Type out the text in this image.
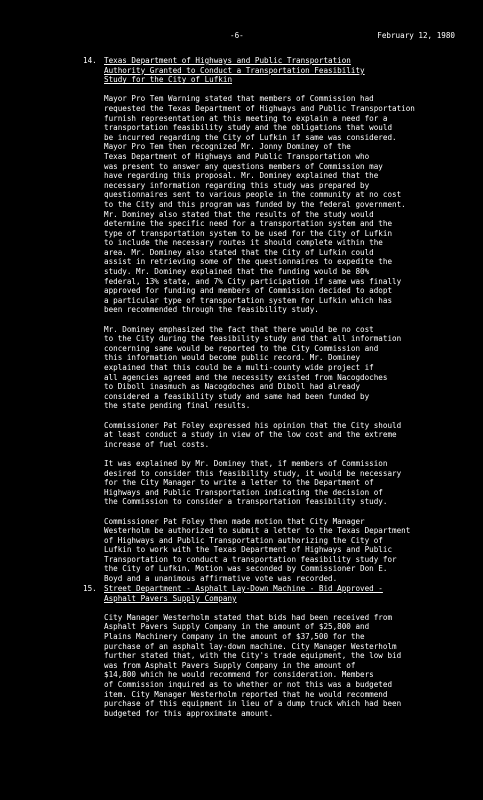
-6-	February 12, 1980
14. Texas Department of Highways and Public Transportation
Authority Granted to Conduct a Transportation Feasibility
Study for the City of Lufkin
Mayor Pro Tem Warning stated that members of Commission had
requested the Texas Department of Highways and Public Transportation
furnish representation at this meeting to explain a need for a
transportation feasibility study and the obligations that would
be incurred regarding the City of Lufkin if same was considered.
Mayor Pro Tem then recognized Mr. Jonny Dominey of the
Texas Department of Highways and Public Transportation who
was present to answer any questions members of Commission may
have regarding this proposal. Mr. Dominey explained that the
necessary information regarding this study was prepared by
questionnaires sent to various people in the community at no cost
to the City and this program was funded by the federal government.
Mr. Dominey also stated that the results of the study would
determine the specific need for a transportation system and the
type of transportation system to be used for the City of Lufkin
to include the necessary routes it should complete within the
area. Mr. Dominey also stated that the City of Lufkin could
assist in retrieving some of the questionnaires to expedite the
study. Mr. Dominey explained that the funding would be 80%
federal, 13% state, and 7% City participation if same was finally
approved for funding and members of Commission decided to adopt
a particular type of transportation system for Lufkin which has
been recommended through the feasibility study.
Mr. Dominey emphasized the fact that there would be no cost
to the City during the feasibility study and that all information
concerning same would be reported to the City Commission and
this information would become public record. Mr. Dominey
explained that this could be a multi-county wide project if
all agencies agreed and the necessity existed from Nacogdoches
to Diboll inasmuch as Nacogdoches and Diboll had already
considered a feasibility study and same had been funded by
the state pending final results.
Commissioner Pat Foley expressed his opinion that the City should
at least conduct a study in view of the low cost and the extreme
increase of fuel costs.
It was explained by Mr. Dominey that, if members of Commission
desired to consider this feasibility study, it would be necessary
for the City Manager to write a letter to the Department of
Highways and Public Transportation indicating the decision of
the Commission to consider a transportation feasibility study.
Commissioner Pat Foley then made motion that City Manager
Westerholm be authorized to submit a letter to the Texas Department
of Highways and Public Transportation authorizing the City of
Lufkin to work with the Texas Department of Highways and Public
Transportation to conduct a transportation feasibility study for
the City of Lufkin. Motion was seconded by Commissioner Don E.
Boyd and a unanimous affirmative vote was recorded.
15. Street Department - Asphalt Lay-Down Machine - Bid Approved -
Asphalt Pavers Supply Company
City Manager Westerholm stated that bids had been received from
Asphalt Pavers Supply Company in the amount of $25,800 and
Plains Machinery Company in the amount of $37,500 for the
purchase of an asphalt lay-down machine. City Manager Westerholm
further stated that, with the City's trade equipment, the low bid
was from Asphalt Pavers Supply Company in the amount of
$14,800 which he would recommend for consideration. Members
of Commission inquired as to whether or not this was a budgeted
item. City Manager Westerholm reported that he would recommend
purchase of this equipment in lieu of a dump truck which had been
budgeted for this approximate amount.
